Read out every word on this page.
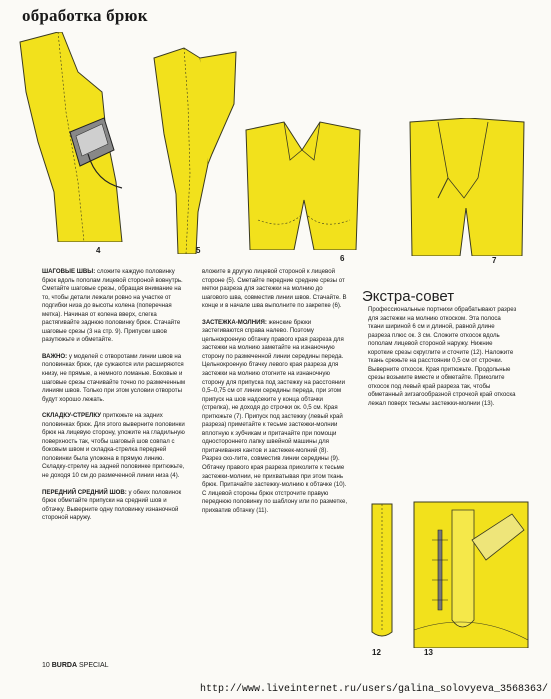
обработка брюк
4	5
6	7

ШАГОВЫЕ ШВЫ: сложите каждую половинку брюк вдоль пополам лицевой стороной вовнутрь. Сметайте шаговые срезы, обращая внимание на то, чтобы детали лежали ровно на участке от подгибки низа до высоты колена (поперечная метка). Начиная от колена вверх, слегка растягивайте заднюю половинку брюк. Стачайте шаговые срезы (3 на стр. 9). Припуски швов разутюжьте и обметайте.

ВАЖНО: у моделей с отворотами линии швов на половинках брюк, где сужаются или расширяются книзу, не прямые, а немного ломаные. Боковые и шаговые срезы стачивайте точно по размеченным линиям швов. Только при этом условии отвороты будут хорошо лежать.

СКЛАДКУ-СТРЕЛКУ притюжьте на задних половинках брюк. Для этого выверните половинки брюк на лицевую сторону, уложите на гладильную поверхность так, чтобы шаговый шов совпал с боковым швом и складка-стрелка передней половинки была уложена в прямую линию. Складку-стрелку на задней половинке притюжьте, не доходя 10 см до размеченной линии низа (4).

ПЕРЕДНИЙ СРЕДНИЙ ШОВ: у обеих половинок брюк обметайте припуски на средний шов и обтачку. Выверните одну половинку изнаночной стороной наружу.

вложите в другую лицевой стороной к лицевой стороне (5). Сметайте передние средние срезы от метки разреза для застежки на молнию до шагового шва, совместив линии швов. Стачайте. В конце и в начале шва выполните по закрепке (6).

ЗАСТЕЖКА-МОЛНИЯ: женские брюки застегиваются справа налево. Поэтому цельнокроеную обтачку правого края разреза для застежки на молнию заметайте на изнаночную сторону по размеченной линии середины переда. Цельнокроеную бтачку левого края разреза для застежки на молнию отогните на изнаночную сторону для припуска под застежку на расстоянии 0,5–0,75 см от линии середины переда, при этом припуск на шов надсеките у конца обтачки (стрелка), не доходя до строчки ок. 0,5 см. Края притюжьте (7). Припуск под застежку (левый край разреза) приметайте к тесьме застежки-молнии вплотную к зубчикам и притачайте при помощи одностороннего лапку швейной машины для притачивания кантов и застежек-молний (8). Разрез ско-лите, совместив линии середины (9). Обтачку правого края разреза приколите к тесьме застежки-молнии, не прихватывая при этом ткань брюк. Притачайте застежку-молнию к обтачке (10). С лицевой стороны брюк отстрочите правую переднюю половинку по шаблону или по разметке, прихватив обтачку (11).

Экстра-совет

Профессиональные портнихи обрабатывают разрез для застежки на молнию откоском. Эта полоса ткани шириной 6 см и длиной, равной длине разреза плюс ок. 3 см. Сложите откосок вдоль пополам лицевой стороной наружу. Нижние короткие срезы скруглите и сточите (12). Наложите ткань срежьте на расстоянии 0,5 см от строчки. Выверните откосок. Края притюжьте. Продольные срезы возьмите вместе и обметайте. Приколите откосок под левый край разреза так, чтобы обметанный зигзагообразной строчкой край откоска лежал поверх тесьмы застежки-молнии (13).

12	13
10 BURDA SPECIAL
http://www.liveinternet.ru/users/galina_solovyeva_3568363/
